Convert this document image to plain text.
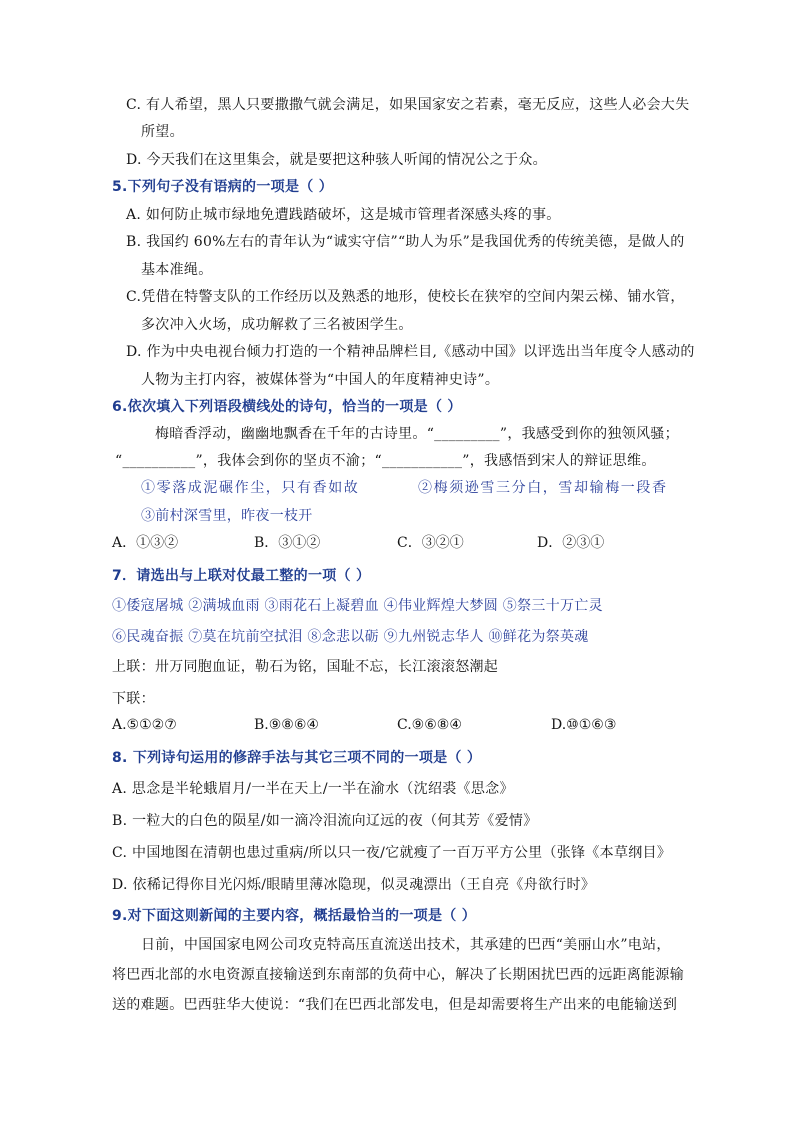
C. 有人希望，黑人只要撒撒气就会满足，如果国家安之若素，毫无反应，这些人必会大失
所望。
D. 今天我们在这里集会，就是要把这种骇人听闻的情况公之于众。
5.下列句子没有语病的一项是（ ）
A. 如何防止城市绿地免遭践踏破坏，这是城市管理者深感头疼的事。
B. 我国约 60%左右的青年认为“诚实守信”“助人为乐”是我国优秀的传统美德，是做人的
基本准绳。
C.凭借在特警支队的工作经历以及熟悉的地形，使校长在狭窄的空间内架云梯、铺水管，
多次冲入火场，成功解救了三名被困学生。
D. 作为中央电视台倾力打造的一个精神品牌栏目,《感动中国》以评选出当年度令人感动的
人物为主打内容，被媒体誉为“中国人的年度精神史诗”。
6.依次填入下列语段横线处的诗句，恰当的一项是（ ）
梅暗香浮动，幽幽地飘香在千年的古诗里。“_________”，我感受到你的独领风骚；
“__________”，我体会到你的坚贞不渝；“___________”，我感悟到宋人的辩证思维。
①零落成泥碾作尘，只有香如故	②梅须逊雪三分白，雪却输梅一段香
③前村深雪里，昨夜一枝开
A．①③②	B．③①②	C．③②①	D．②③①
7．请选出与上联对仗最工整的一项（ ）
①倭寇屠城 ②满城血雨 ③雨花石上凝碧血 ④伟业辉煌大梦圆 ⑤祭三十万亡灵
⑥民魂奋振 ⑦莫在坑前空拭泪 ⑧念悲以砺 ⑨九州锐志华人 ⑩鲜花为祭英魂
上联：卅万同胞血证，勒石为铭，国耻不忘，长江滚滚怒潮起
下联：
A.⑤①②⑦	B.⑨⑧⑥④	C.⑨⑥⑧④	D.⑩①⑥③
8. 下列诗句运用的修辞手法与其它三项不同的一项是（ ）
A. 思念是半轮蛾眉月/一半在天上/一半在渝水（沈绍裘《思念》
B. 一粒大的白色的陨星/如一滴冷泪流向辽远的夜（何其芳《爱情》
C. 中国地图在清朝也患过重病/所以只一夜/它就瘦了一百万平方公里（张锋《本草纲目》
D. 依稀记得你目光闪烁/眼睛里薄冰隐现，似灵魂漂出（王自亮《舟欲行时》
9.对下面这则新闻的主要内容，概括最恰当的一项是（ ）
日前，中国国家电网公司攻克特高压直流送出技术，其承建的巴西“美丽山水”电站，
将巴西北部的水电资源直接输送到东南部的负荷中心，解决了长期困扰巴西的远距离能源输
送的难题。巴西驻华大使说：“我们在巴西北部发电，但是却需要将生产出来的电能输送到
